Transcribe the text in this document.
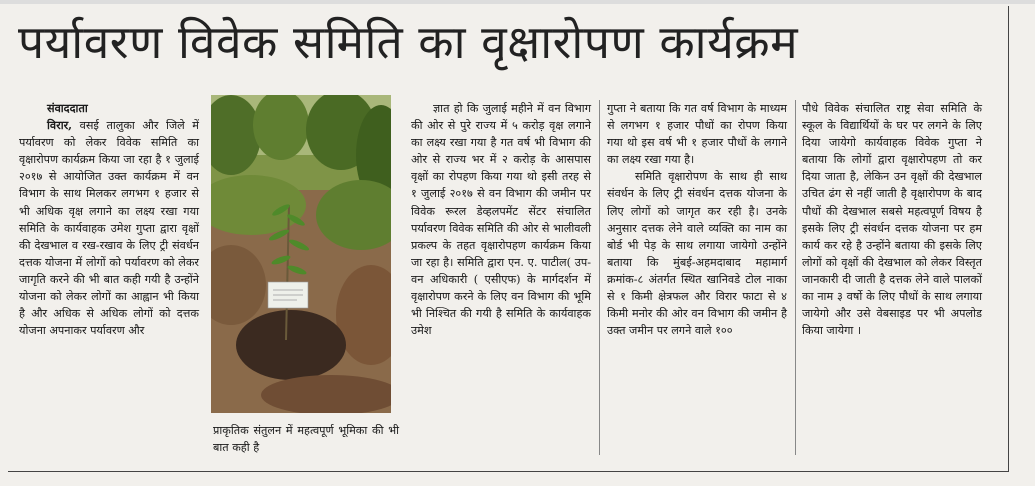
पर्यावरण विवेक समिति का वृक्षारोपण कार्यक्रम

संवाददाता

विरार, वसई तालुका और जिले में पर्यावरण को लेकर विवेक समिति का वृक्षारोपण कार्यक्रम किया जा रहा है १ जुलाई २०१७ से आयोजित उक्त कार्यक्रम में वन विभाग के साथ मिलकर लगभग १ हजार से भी अधिक वृक्ष लगाने का लक्ष्य रखा गया समिति के कार्यवाहक उमेश गुप्ता द्वारा वृक्षों की देखभाल व रख-रखाव के लिए ट्री संवर्धन दत्तक योजना में लोगों को पर्यावरण को लेकर जागृति करने की भी बात कही गयी है उन्होंने योजना को लेकर लोगों का आह्वान भी किया है और अधिक से अधिक लोगों को दत्तक योजना अपनाकर पर्यावरण और

प्राकृतिक संतुलन में महत्वपूर्ण भूमिका की भी बात कही है

ज्ञात हो कि जुलाई महीने में वन विभाग की ओर से पुरे राज्य में ५ करोड़ वृक्ष लगाने का लक्ष्य रखा गया है गत वर्ष भी विभाग की ओर से राज्य भर में २ करोड़ के आसपास वृक्षों का रोपहण किया गया थो इसी तरह से १ जुलाई २०१७ से वन विभाग की जमीन पर विवेक रूरल डेव्हलपमेंट सेंटर संचालित पर्यावरण विवेक समिति की ओर से भालीवली प्रकल्प के तहत वृक्षारोपहण कार्यक्रम किया जा रहा है। समिति द्वारा एन. ए. पाटील( उप-वन अधिकारी ( एसीएफ) के मार्गदर्शन में वृक्षारोपण करने के लिए वन विभाग की भूमि भी निश्चित की गयी है समिति के कार्यवाहक उमेश

गुप्ता ने बताया कि गत वर्ष विभाग के माध्यम से लगभग १ हजार पौधों का रोपण किया गया थो इस वर्ष भी १ हजार पौधों के लगाने का लक्ष्य रखा गया है।

समिति वृक्षारोपण के साथ ही साथ संवर्धन के लिए ट्री संवर्धन दत्तक योजना के लिए लोगों को जागृत कर रही है। उनके अनुसार दत्तक लेने वाले व्यक्ति का नाम का बोर्ड भी पेड़ के साथ लगाया जायेगो उन्होंने बताया कि मुंबई-अहमदाबाद महामार्ग क्रमांक-८ अंतर्गत स्थित खानिवडे टोल नाका से १ किमी क्षेत्रफल और विरार फाटा से ४ किमी मनोर की ओर वन विभाग की जमीन है उक्त जमीन पर लगने वाले १००

पौधे विवेक संचालित राष्ट्र सेवा समिति के स्कूल के विद्यार्थियों के घर पर लगने के लिए दिया जायेगो कार्यवाहक विवेक गुप्ता ने बताया कि लोगों द्वारा वृक्षारोपहण तो कर दिया जाता है, लेकिन उन वृक्षों की देखभाल उचित ढंग से नहीं जाती है वृक्षारोपण के बाद पौधों की देखभाल सबसे महत्वपूर्ण विषय है इसके लिए ट्री संवर्धन दत्तक योजना पर हम कार्य कर रहे है उन्होंने बताया की इसके लिए लोगों को वृक्षों की देखभाल को लेकर विस्तृत जानकारी दी जाती है दत्तक लेने वाले पालकों का नाम ३ वर्षो के लिए पौधों के साथ लगाया जायेगो और उसे वेबसाइड पर भी अपलोड किया जायेगा ।
